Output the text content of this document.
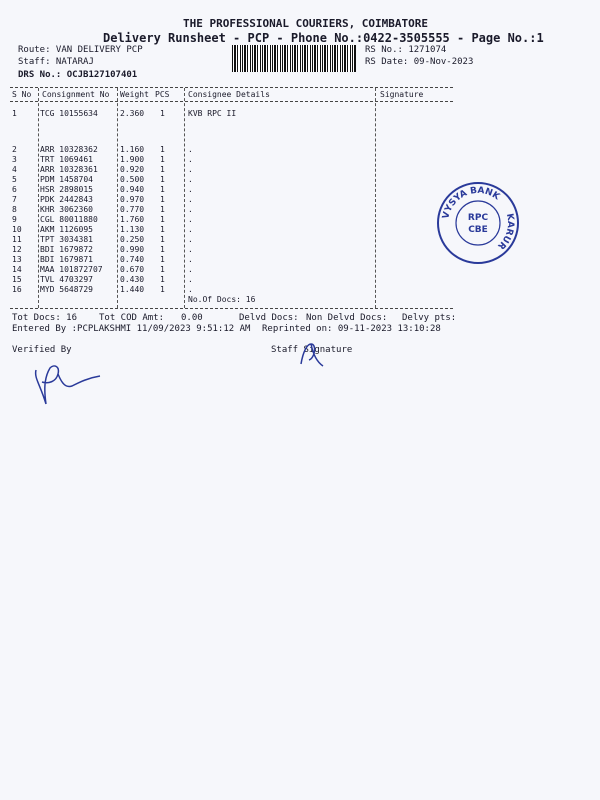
THE PROFESSIONAL COURIERS, COIMBATORE
Delivery Runsheet - PCP - Phone No.:0422-3505555 - Page No.:1
Route: VAN DELIVERY PCP
Staff: NATARAJ
DRS No.: OCJB127107401
RS No.: 1271074
RS Date: 09-Nov-2023
S No Consignment No Weight PCS Consignee Details	Signature
1	TCG 10155634	2.360 1	KVB RPC II
2	ARR 10328362	1.160 1	.
3	TRT 1069461	1.900 1	.
4	ARR 10328361	0.920 1	.
5	PDM 1458704	0.500 1	.
6	HSR 2898015	0.940 1	.
7	PDK 2442843	0.970 1	.
8	KHR 3062360	0.770 1	.
9	CGL 80011880	1.760 1	.
10 AKM 1126095	1.130 1	.
11 TPT 3034381	0.250 1	.
12 BDI 1679872	0.990 1	.
13 BDI 1679871	0.740 1	.
14 MAA 101872707 0.670 1	.
15 TVL 4703297	0.430 1	.
16 MYD 5648729	1.440 1	.
No.Of Docs: 16
VYSYA BANK KARUR
RPC
CBE
Tot Docs: 16 Tot COD Amt: 0.00	Delvd Docs: Non Delvd Docs: Delvy pts:
Entered By :PCPLAKSHMI 11/09/2023 9:51:12 AM Reprinted on: 09-11-2023 13:10:28
Verified By	Staff Signature
